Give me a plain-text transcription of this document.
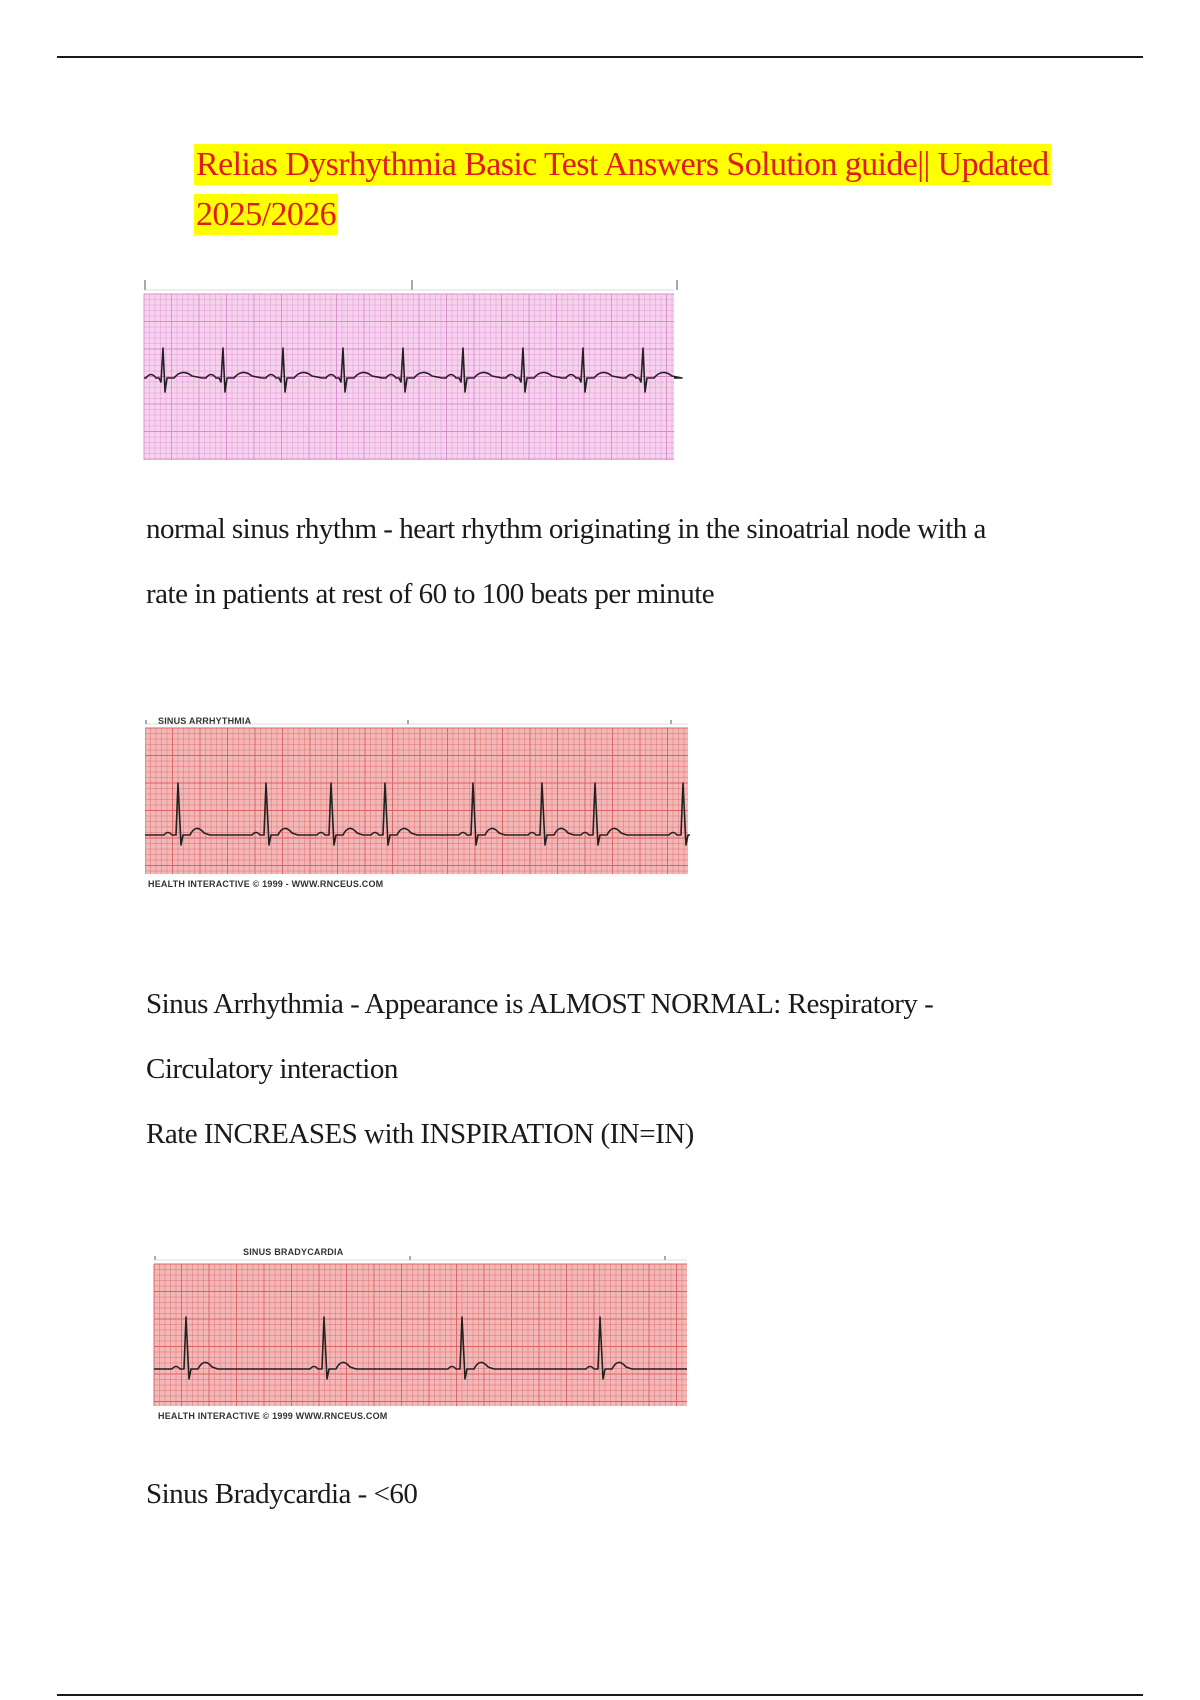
Relias Dysrhythmia Basic Test Answers Solution guide|| Updated 2025/2026
normal sinus rhythm - heart rhythm originating in the sinoatrial node with a
rate in patients at rest of 60 to 100 beats per minute
SINUS ARRHYTHMIA
HEALTH INTERACTIVE © 1999 - WWW.RNCEUS.COM
Sinus Arrhythmia - Appearance is ALMOST NORMAL: Respiratory -
Circulatory interaction
Rate INCREASES with INSPIRATION (IN=IN)
SINUS BRADYCARDIA
HEALTH INTERACTIVE © 1999 WWW.RNCEUS.COM
Sinus Bradycardia - <60
